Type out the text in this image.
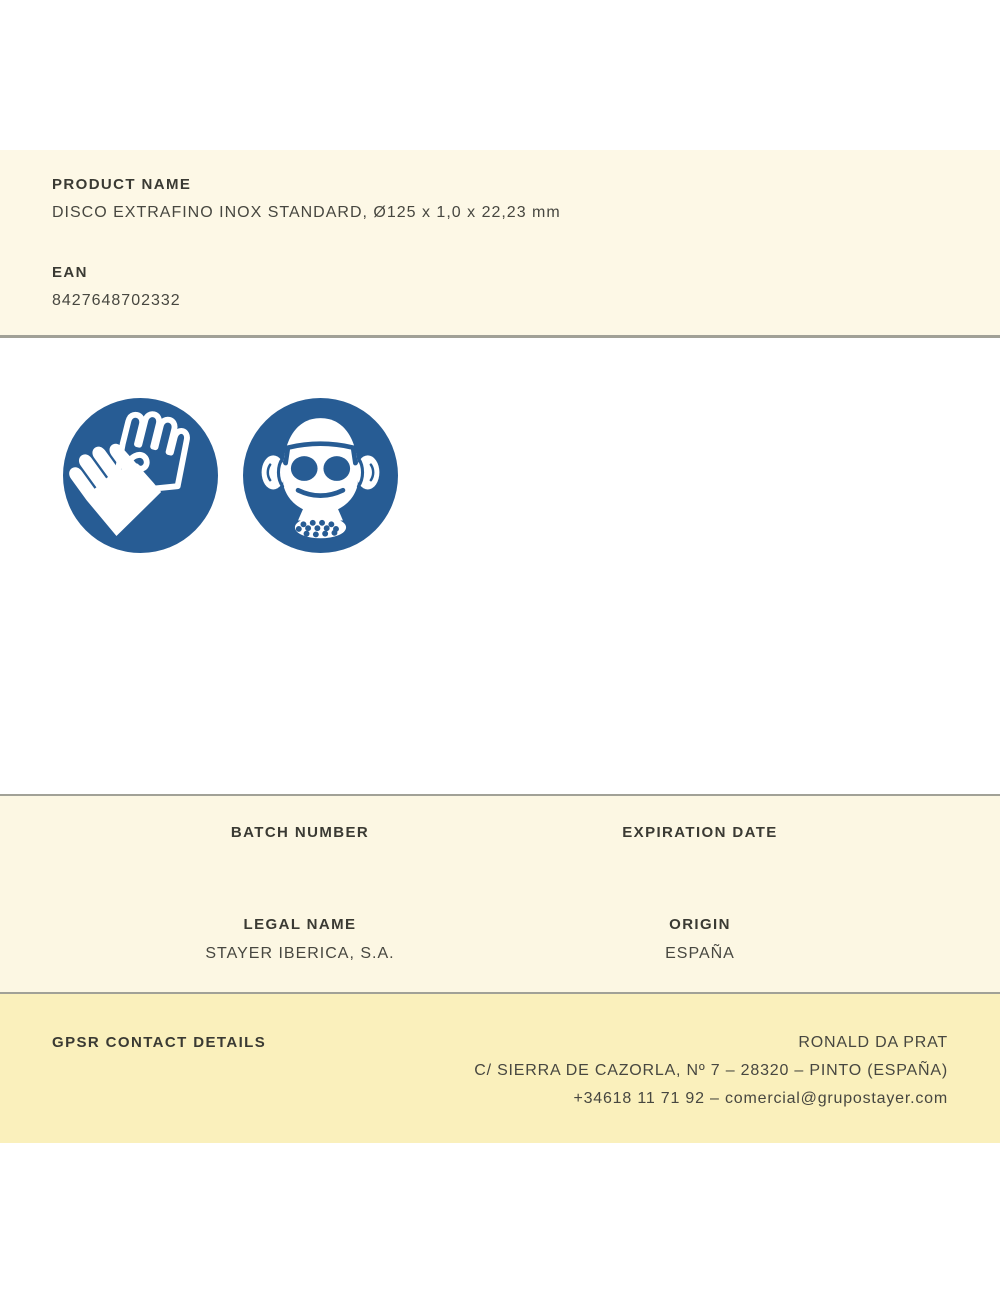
PRODUCT NAME
DISCO EXTRAFINO INOX STANDARD, Ø125 x 1,0 x 22,23 mm
EAN
8427648702332
BATCH NUMBER	EXPIRATION DATE
LEGAL NAME
STAYER IBERICA, S.A.
ORIGIN
ESPAÑA
GPSR CONTACT DETAILS	RONALD DA PRAT
C/ SIERRA DE CAZORLA, Nº 7 – 28320 – PINTO (ESPAÑA)
+34618 11 71 92 – comercial@grupostayer.com
